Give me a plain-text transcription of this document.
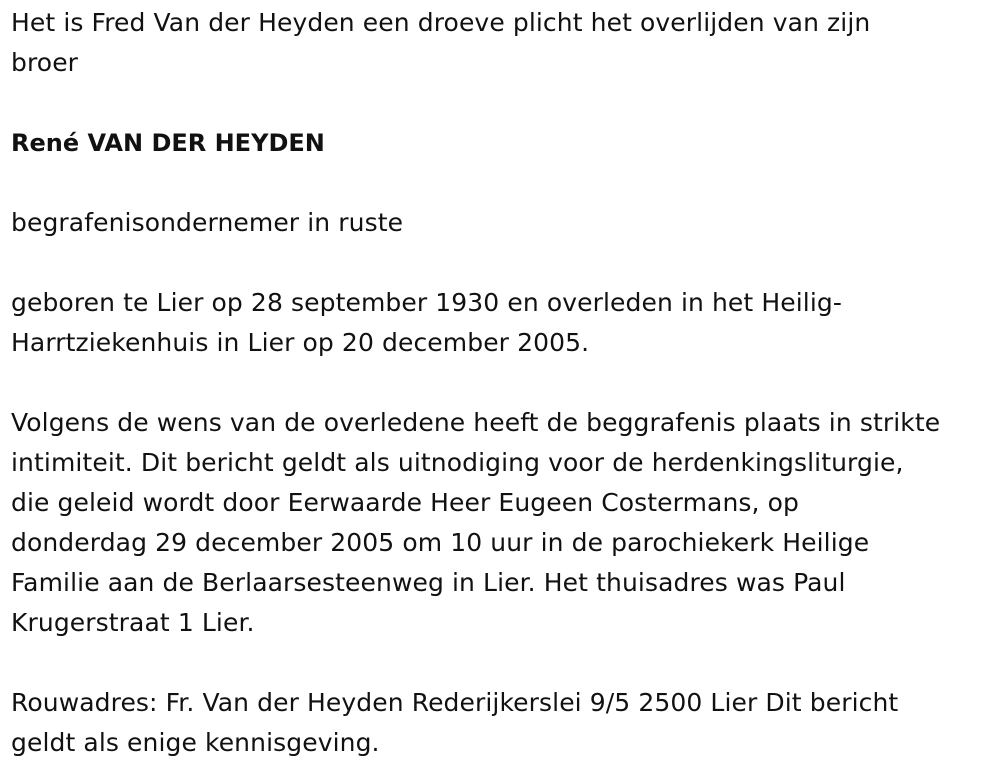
Het is Fred Van der Heyden een droeve plicht het overlijden van zijn
broer

René VAN DER HEYDEN

begrafenisondernemer in ruste

geboren te Lier op 28 september 1930 en overleden in het Heilig-
Harrtziekenhuis in Lier op 20 december 2005.

Volgens de wens van de overledene heeft de beggrafenis plaats in strikte
intimiteit. Dit bericht geldt als uitnodiging voor de herdenkingsliturgie,
die geleid wordt door Eerwaarde Heer Eugeen Costermans, op
donderdag 29 december 2005 om 10 uur in de parochiekerk Heilige
Familie aan de Berlaarsesteenweg in Lier. Het thuisadres was Paul
Krugerstraat 1 Lier.

Rouwadres: Fr. Van der Heyden Rederijkerslei 9/5 2500 Lier Dit bericht
geldt als enige kennisgeving.
